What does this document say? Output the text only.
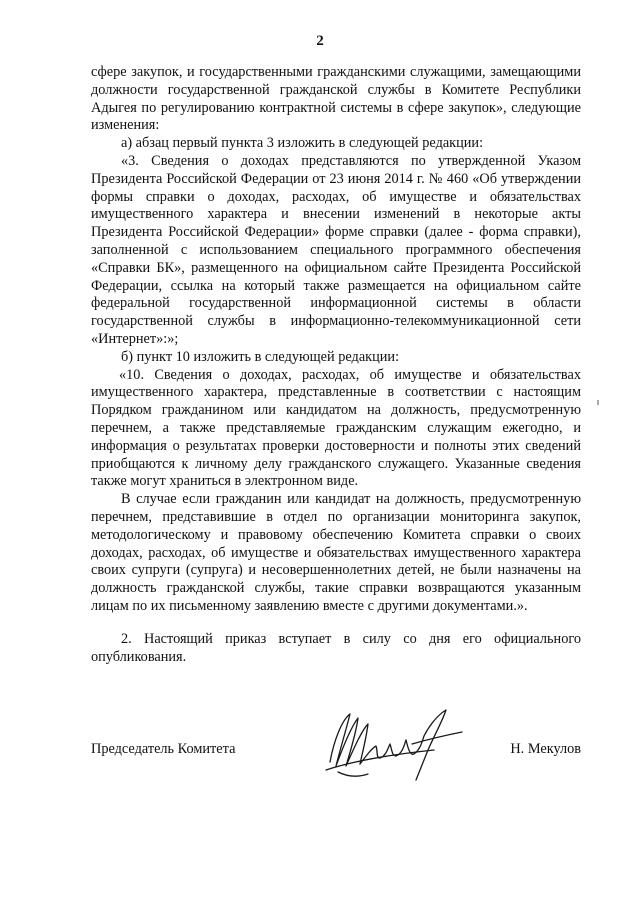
2

сфере закупок, и государственными гражданскими служащими, замещающими должности государственной гражданской службы в Комитете Республики Адыгея по регулированию контрактной системы в сфере закупок», следующие изменения:

а) абзац первый пункта 3 изложить в следующей редакции:

«3. Сведения о доходах представляются по утвержденной Указом Президента Российской Федерации от 23 июня 2014 г. № 460 «Об утверждении формы справки о доходах, расходах, об имуществе и обязательствах имущественного характера и внесении изменений в некоторые акты Президента Российской Федерации» форме справки (далее - форма справки), заполненной с использованием специального программного обеспечения «Справки БК», размещенного на официальном сайте Президента Российской Федерации, ссылка на который также размещается на официальном сайте федеральной государственной информационной системы в области государственной службы в информационно-телекоммуникационной сети «Интернет»:»;

б) пункт 10 изложить в следующей редакции:

«10. Сведения о доходах, расходах, об имуществе и обязательствах имущественного характера, представленные в соответствии с настоящим Порядком гражданином или кандидатом на должность, предусмотренную перечнем, а также представляемые гражданским служащим ежегодно, и информация о результатах проверки достоверности и полноты этих сведений приобщаются к личному делу гражданского служащего. Указанные сведения также могут храниться в электронном виде.

В случае если гражданин или кандидат на должность, предусмотренную перечнем, представившие в отдел по организации мониторинга закупок, методологическому и правовому обеспечению Комитета справки о своих доходах, расходах, об имуществе и обязательствах имущественного характера своих супруги (супруга) и несовершеннолетних детей, не были назначены на должность гражданской службы, такие справки возвращаются указанным лицам по их письменному заявлению вместе с другими документами.».

2. Настоящий приказ вступает в силу со дня его официального опубликования.

Председатель Комитета	Н. Мекулов
